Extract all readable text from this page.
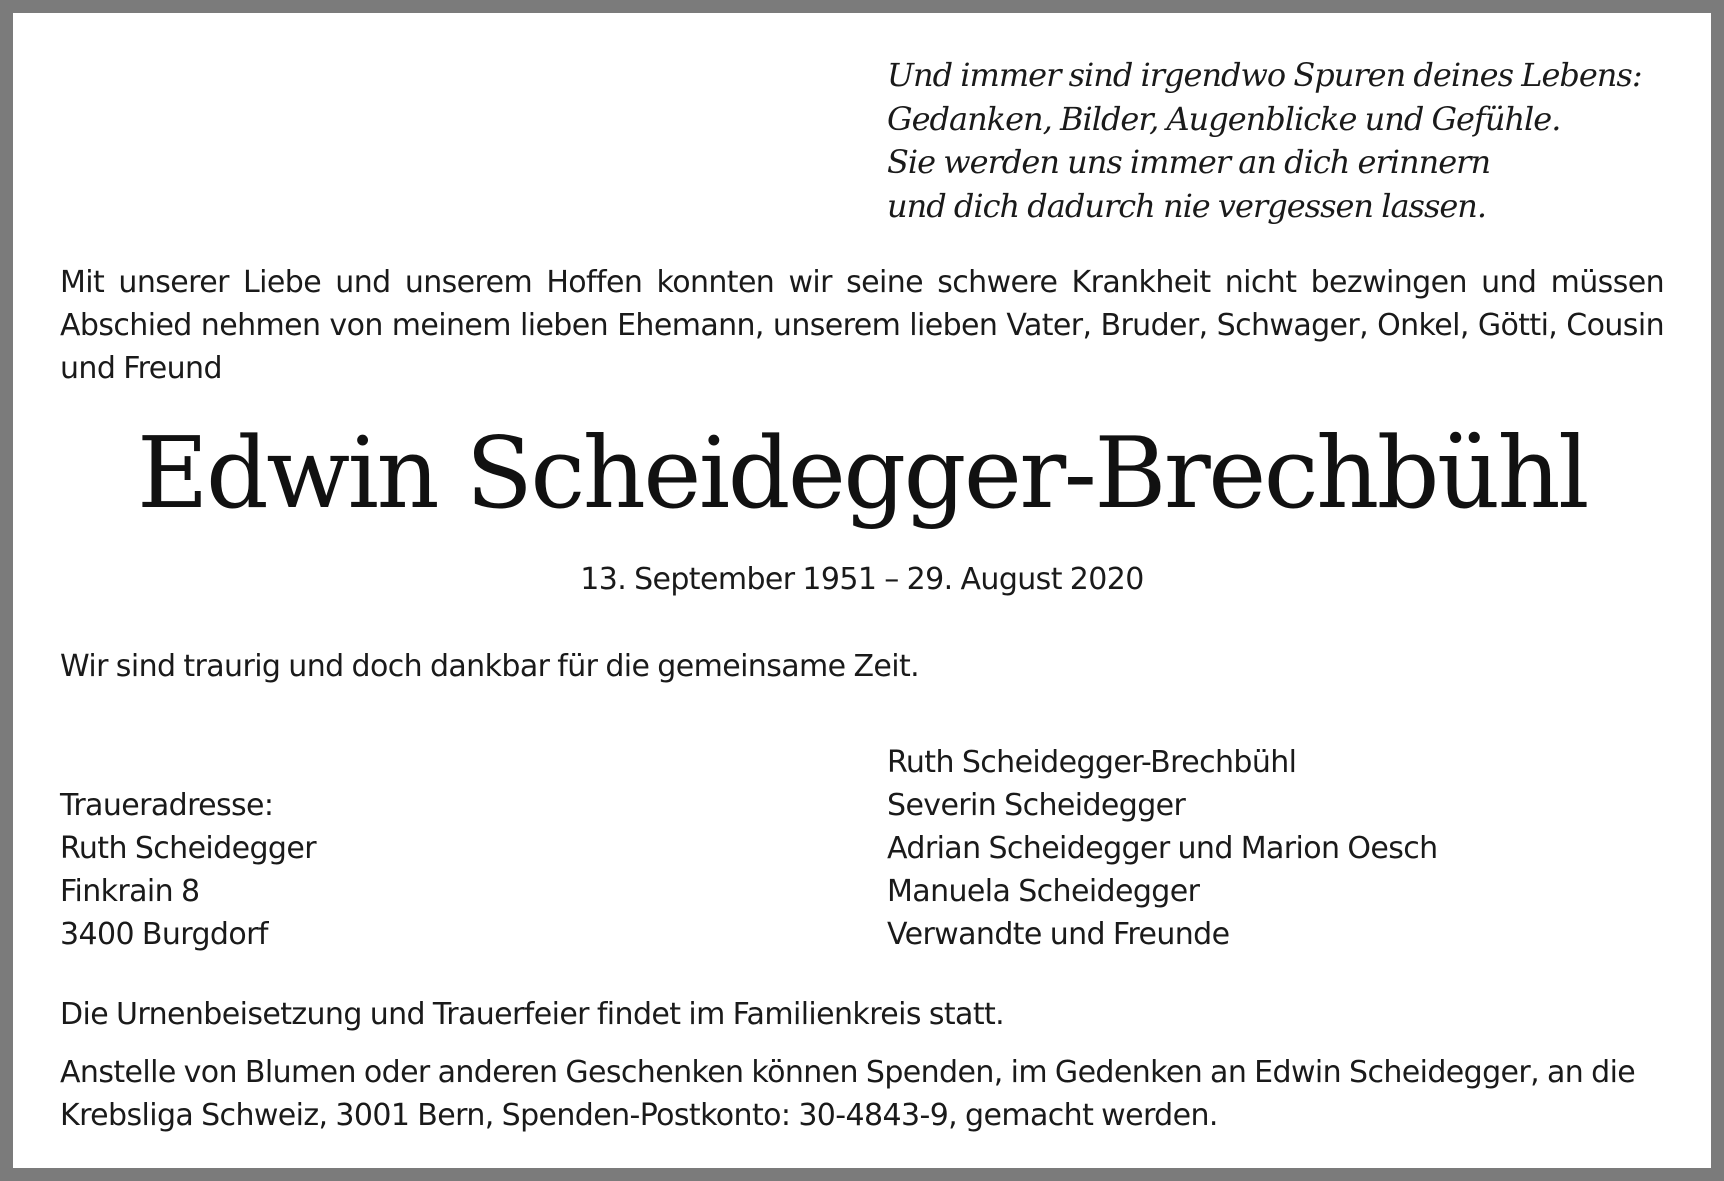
Und immer sind irgendwo Spuren deines Lebens:
Gedanken, Bilder, Augenblicke und Gefühle.
Sie werden uns immer an dich erinnern
und dich dadurch nie vergessen lassen.
Mit unserer Liebe und unserem Hoffen konnten wir seine schwere Krankheit nicht bezwingen und müssen Abschied nehmen von meinem lieben Ehemann, unserem lieben Vater, Bruder, Schwager, Onkel, Götti, Cousin und Freund
Edwin Scheidegger-Brechbühl
13. September 1951 – 29. August 2020
Wir sind traurig und doch dankbar für die gemeinsame Zeit.
Traueradresse:
Ruth Scheidegger
Finkrain 8
3400 Burgdorf
Ruth Scheidegger-Brechbühl
Severin Scheidegger
Adrian Scheidegger und Marion Oesch
Manuela Scheidegger
Verwandte und Freunde
Die Urnenbeisetzung und Trauerfeier findet im Familienkreis statt.
Anstelle von Blumen oder anderen Geschenken können Spenden, im Gedenken an Edwin Scheidegger, an die Krebsliga Schweiz, 3001 Bern, Spenden-Postkonto: 30-4843-9, gemacht werden.
